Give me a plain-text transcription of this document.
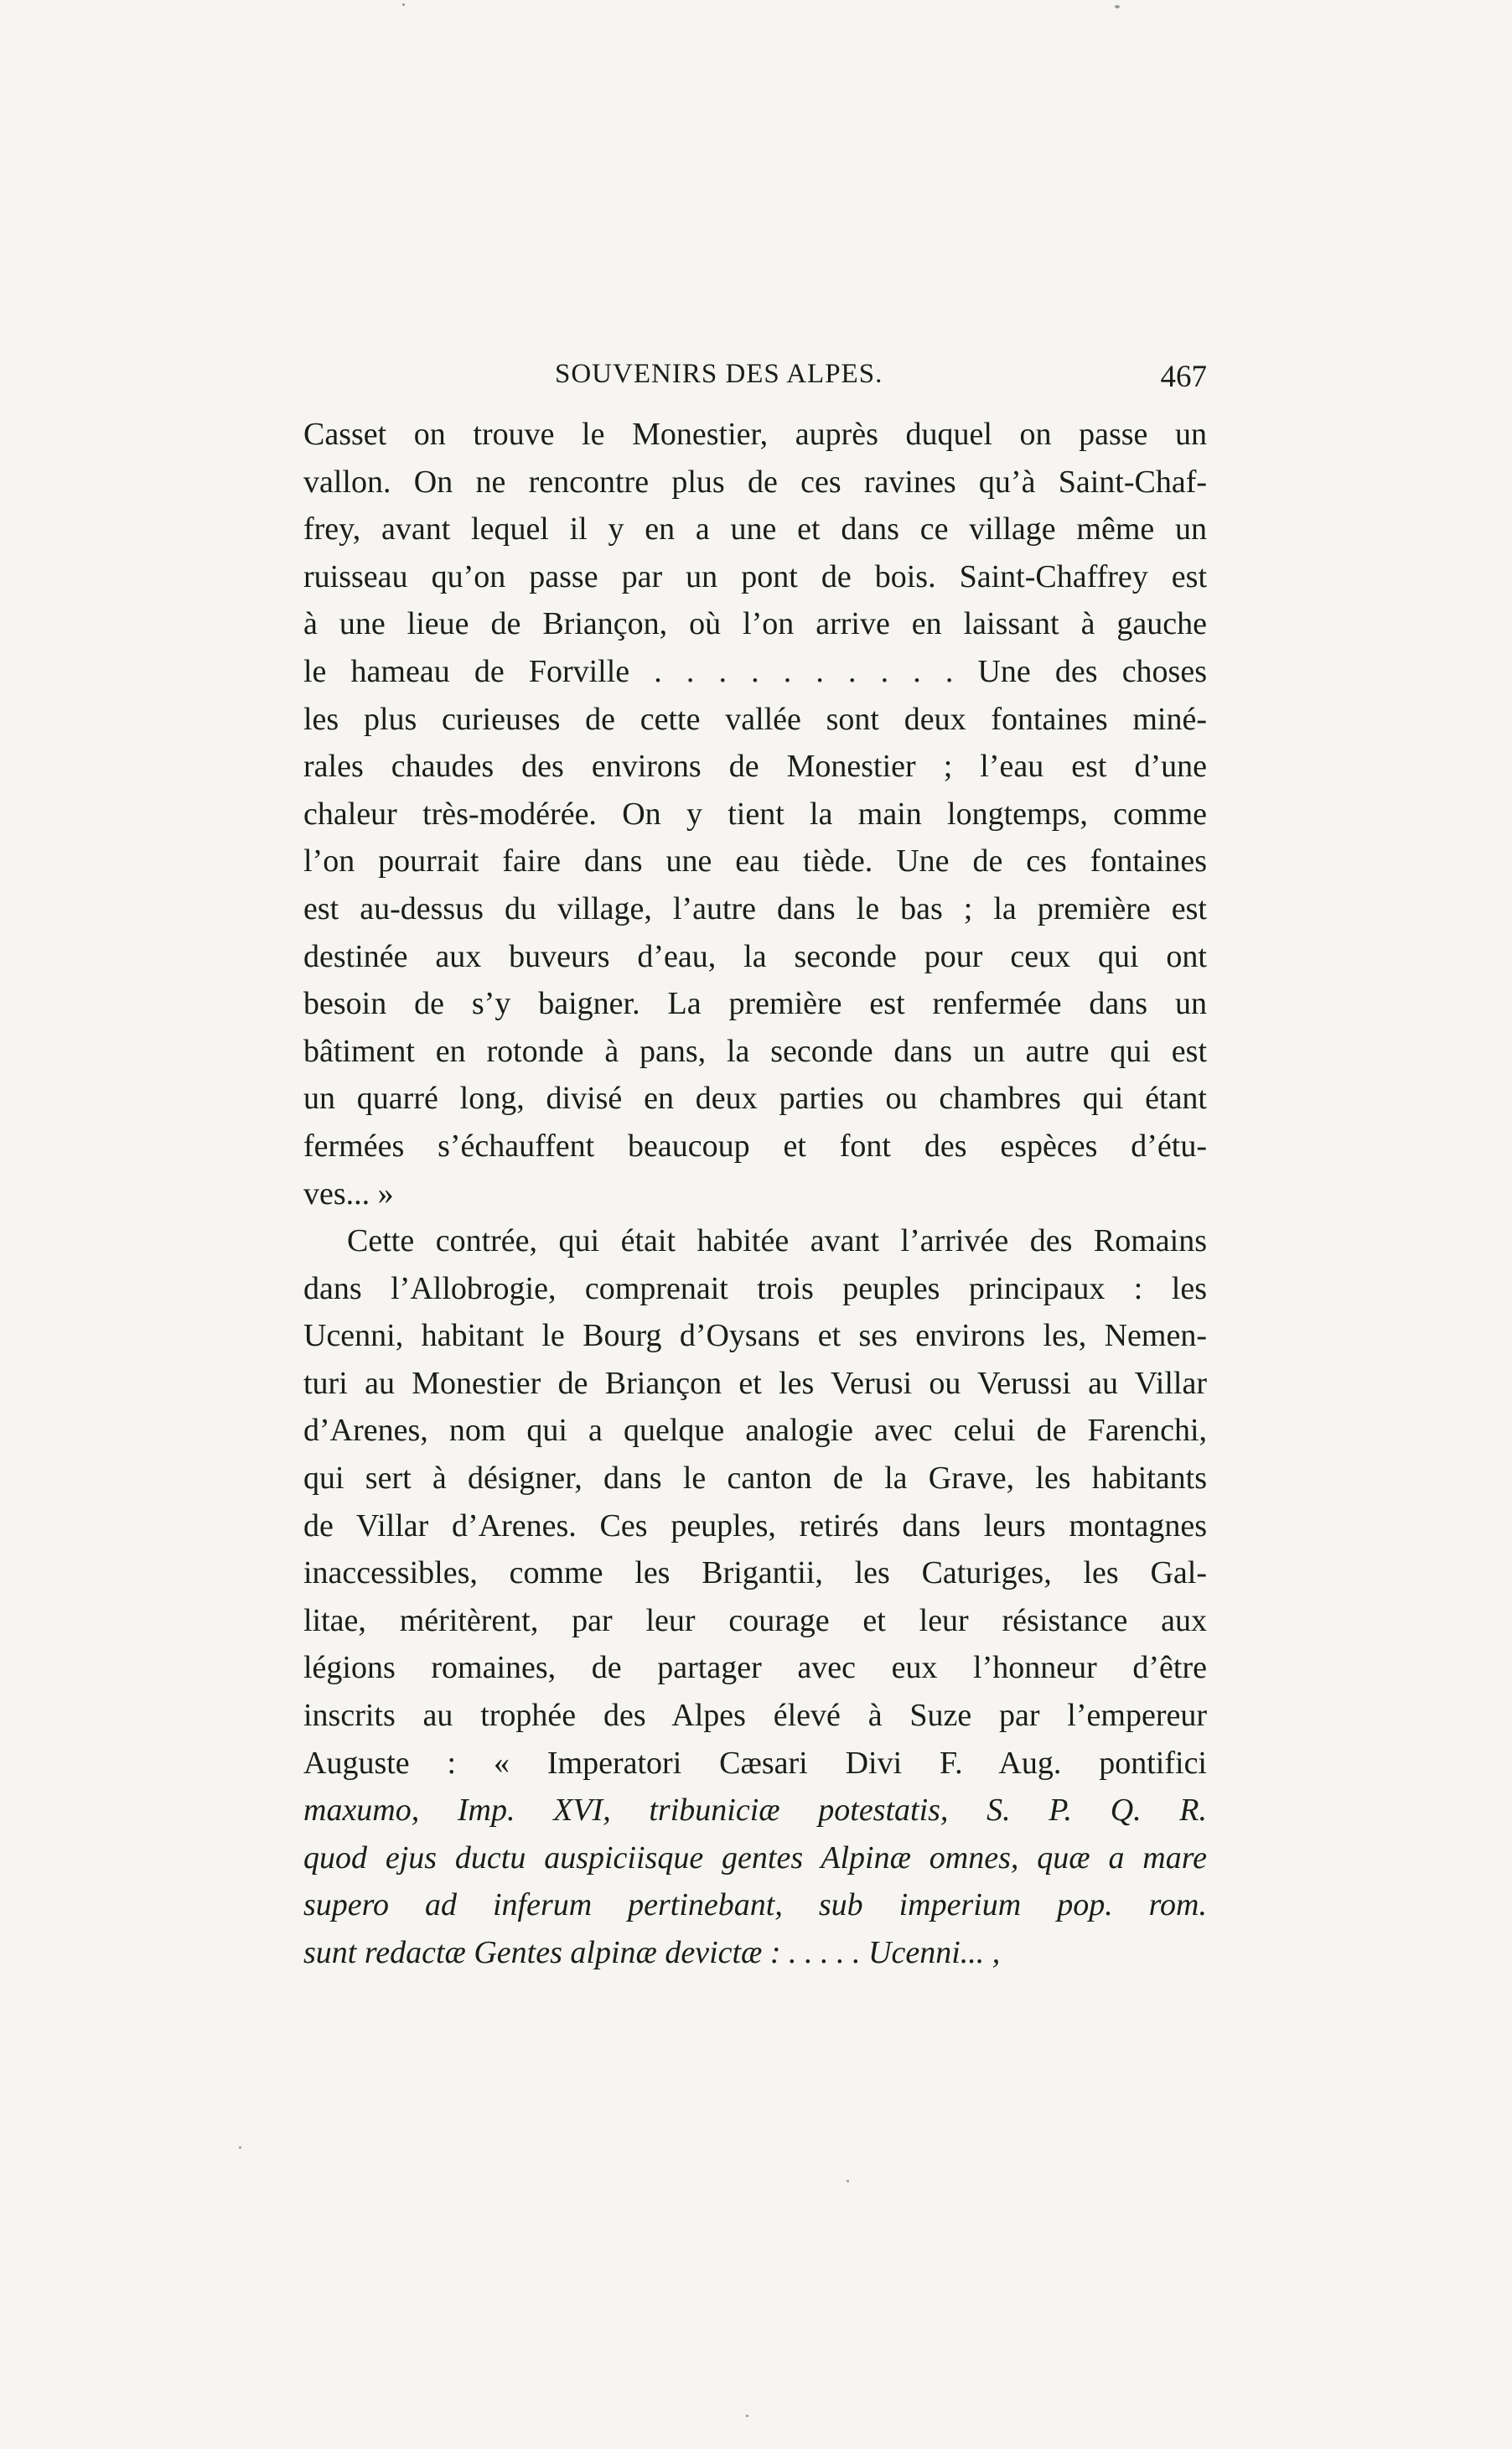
SOUVENIRS DES ALPES.	467
Casset on trouve le Monestier, auprès duquel on passe un
vallon. On ne rencontre plus de ces ravines qu’à Saint-Chaf-
frey, avant lequel il y en a une et dans ce village même un
ruisseau qu’on passe par un pont de bois. Saint-Chaffrey est
à une lieue de Briançon, où l’on arrive en laissant à gauche
le hameau de Forville . . . . . . . . . . Une des choses
les plus curieuses de cette vallée sont deux fontaines miné-
rales chaudes des environs de Monestier ; l’eau est d’une
chaleur très-modérée. On y tient la main longtemps, comme
l’on pourrait faire dans une eau tiède. Une de ces fontaines
est au-dessus du village, l’autre dans le bas ; la première est
destinée aux buveurs d’eau, la seconde pour ceux qui ont
besoin de s’y baigner. La première est renfermée dans un
bâtiment en rotonde à pans, la seconde dans un autre qui est
un quarré long, divisé en deux parties ou chambres qui étant
fermées s’échauffent beaucoup et font des espèces d’étu-
ves... »
Cette contrée, qui était habitée avant l’arrivée des Romains
dans l’Allobrogie, comprenait trois peuples principaux : les
Ucenni, habitant le Bourg d’Oysans et ses environs les, Nemen-
turi au Monestier de Briançon et les Verusi ou Verussi au Villar
d’Arenes, nom qui a quelque analogie avec celui de Farenchi,
qui sert à désigner, dans le canton de la Grave, les habitants
de Villar d’Arenes. Ces peuples, retirés dans leurs montagnes
inaccessibles, comme les Brigantii, les Caturiges, les Gal-
litae, méritèrent, par leur courage et leur résistance aux
légions romaines, de partager avec eux l’honneur d’être
inscrits au trophée des Alpes élevé à Suze par l’empereur
Auguste : « Imperatori Cæsari Divi F. Aug. pontifici
maxumo, Imp. XVI, tribuniciæ potestatis, S. P. Q. R.
quod ejus ductu auspiciisque gentes Alpinæ omnes, quæ a mare
supero ad inferum pertinebant, sub imperium pop. rom.
sunt redactæ Gentes alpinæ devictæ : . . . . . Ucenni... ,
